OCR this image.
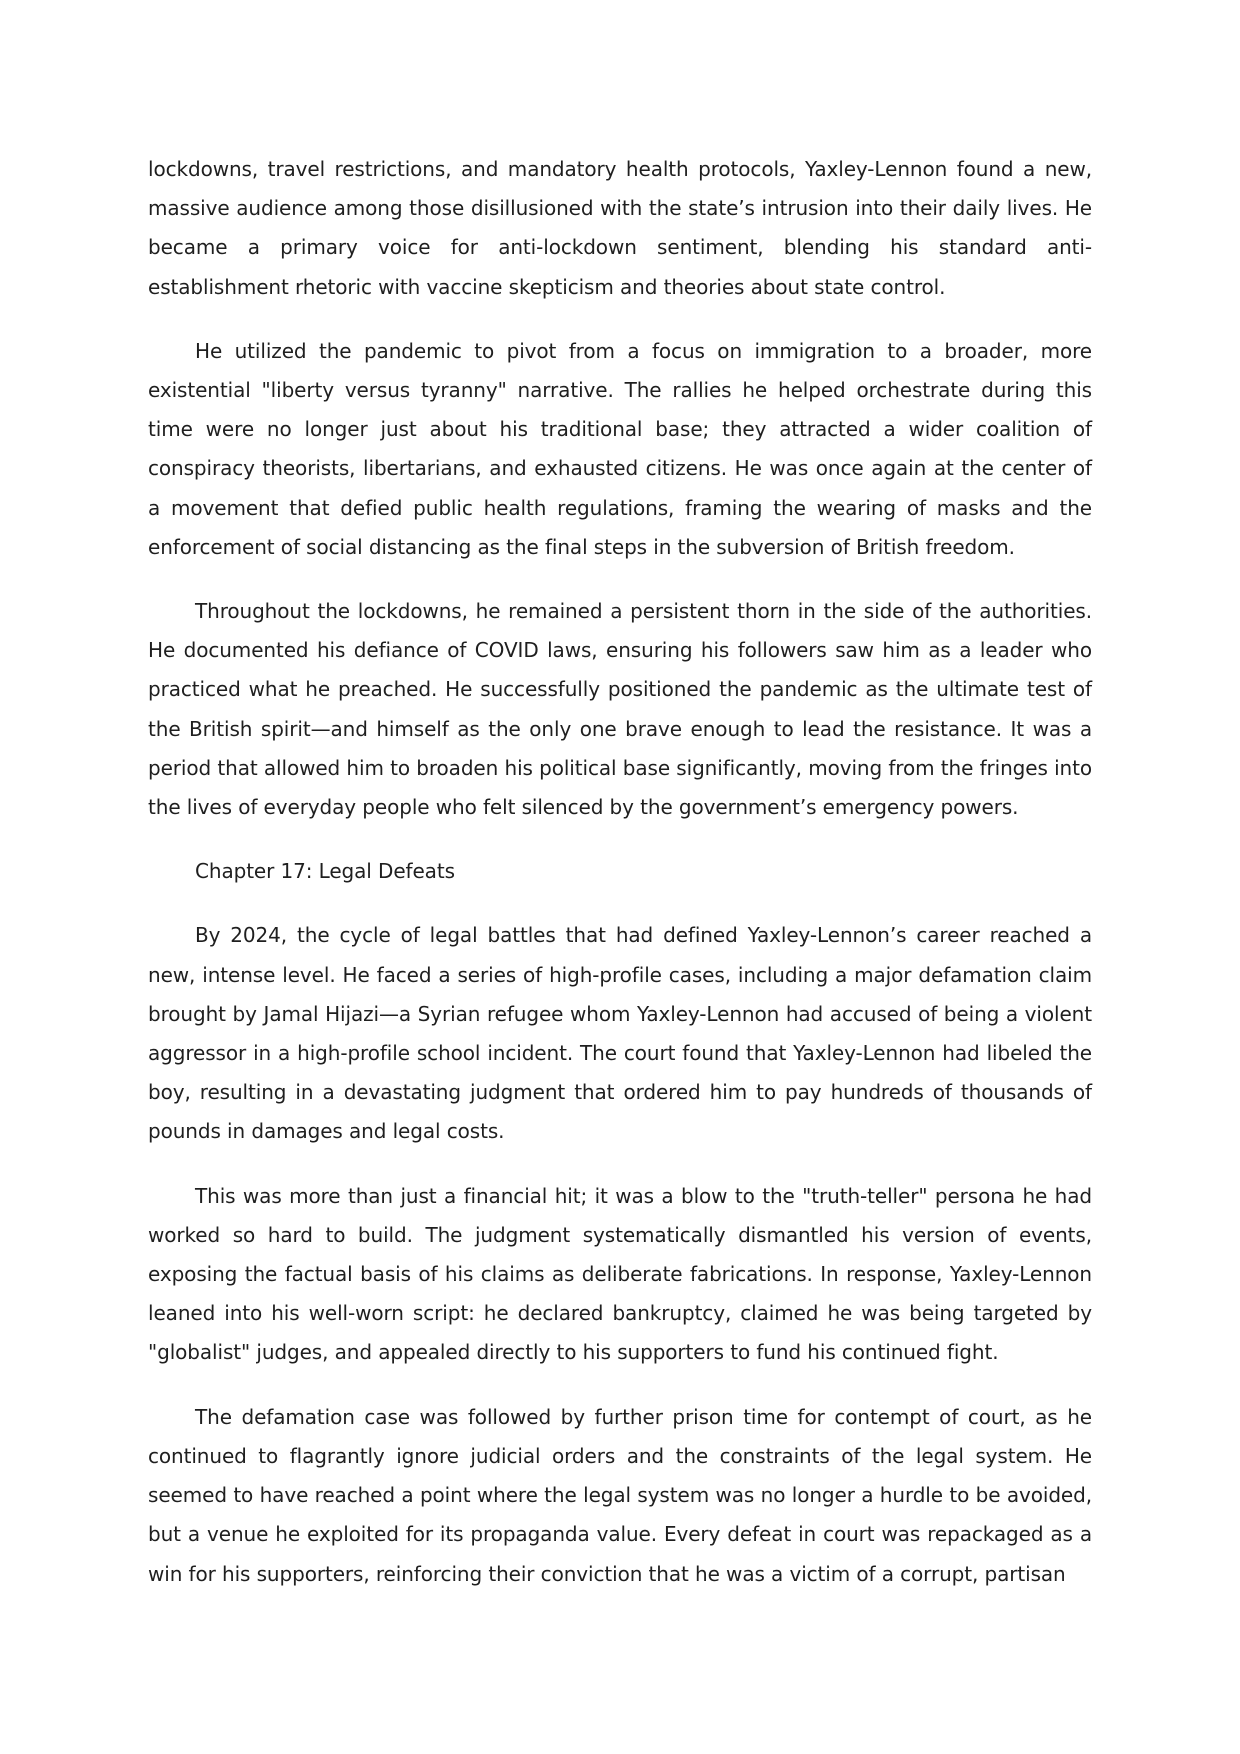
lockdowns, travel restrictions, and mandatory health protocols, Yaxley-Lennon found a new, massive audience among those disillusioned with the state’s intrusion into their daily lives. He became a primary voice for anti-lockdown sentiment, blending his standard anti-establishment rhetoric with vaccine skepticism and theories about state control.

He utilized the pandemic to pivot from a focus on immigration to a broader, more existential "liberty versus tyranny" narrative. The rallies he helped orchestrate during this time were no longer just about his traditional base; they attracted a wider coalition of conspiracy theorists, libertarians, and exhausted citizens. He was once again at the center of a movement that defied public health regulations, framing the wearing of masks and the enforcement of social distancing as the final steps in the subversion of British freedom.

Throughout the lockdowns, he remained a persistent thorn in the side of the authorities. He documented his defiance of COVID laws, ensuring his followers saw him as a leader who practiced what he preached. He successfully positioned the pandemic as the ultimate test of the British spirit—and himself as the only one brave enough to lead the resistance. It was a period that allowed him to broaden his political base significantly, moving from the fringes into the lives of everyday people who felt silenced by the government’s emergency powers.

Chapter 17: Legal Defeats

By 2024, the cycle of legal battles that had defined Yaxley-Lennon’s career reached a new, intense level. He faced a series of high-profile cases, including a major defamation claim brought by Jamal Hijazi—a Syrian refugee whom Yaxley-Lennon had accused of being a violent aggressor in a high-profile school incident. The court found that Yaxley-Lennon had libeled the boy, resulting in a devastating judgment that ordered him to pay hundreds of thousands of pounds in damages and legal costs.

This was more than just a financial hit; it was a blow to the "truth-teller" persona he had worked so hard to build. The judgment systematically dismantled his version of events, exposing the factual basis of his claims as deliberate fabrications. In response, Yaxley-Lennon leaned into his well-worn script: he declared bankruptcy, claimed he was being targeted by "globalist" judges, and appealed directly to his supporters to fund his continued fight.

The defamation case was followed by further prison time for contempt of court, as he continued to flagrantly ignore judicial orders and the constraints of the legal system. He seemed to have reached a point where the legal system was no longer a hurdle to be avoided, but a venue he exploited for its propaganda value. Every defeat in court was repackaged as a win for his supporters, reinforcing their conviction that he was a victim of a corrupt, partisan
